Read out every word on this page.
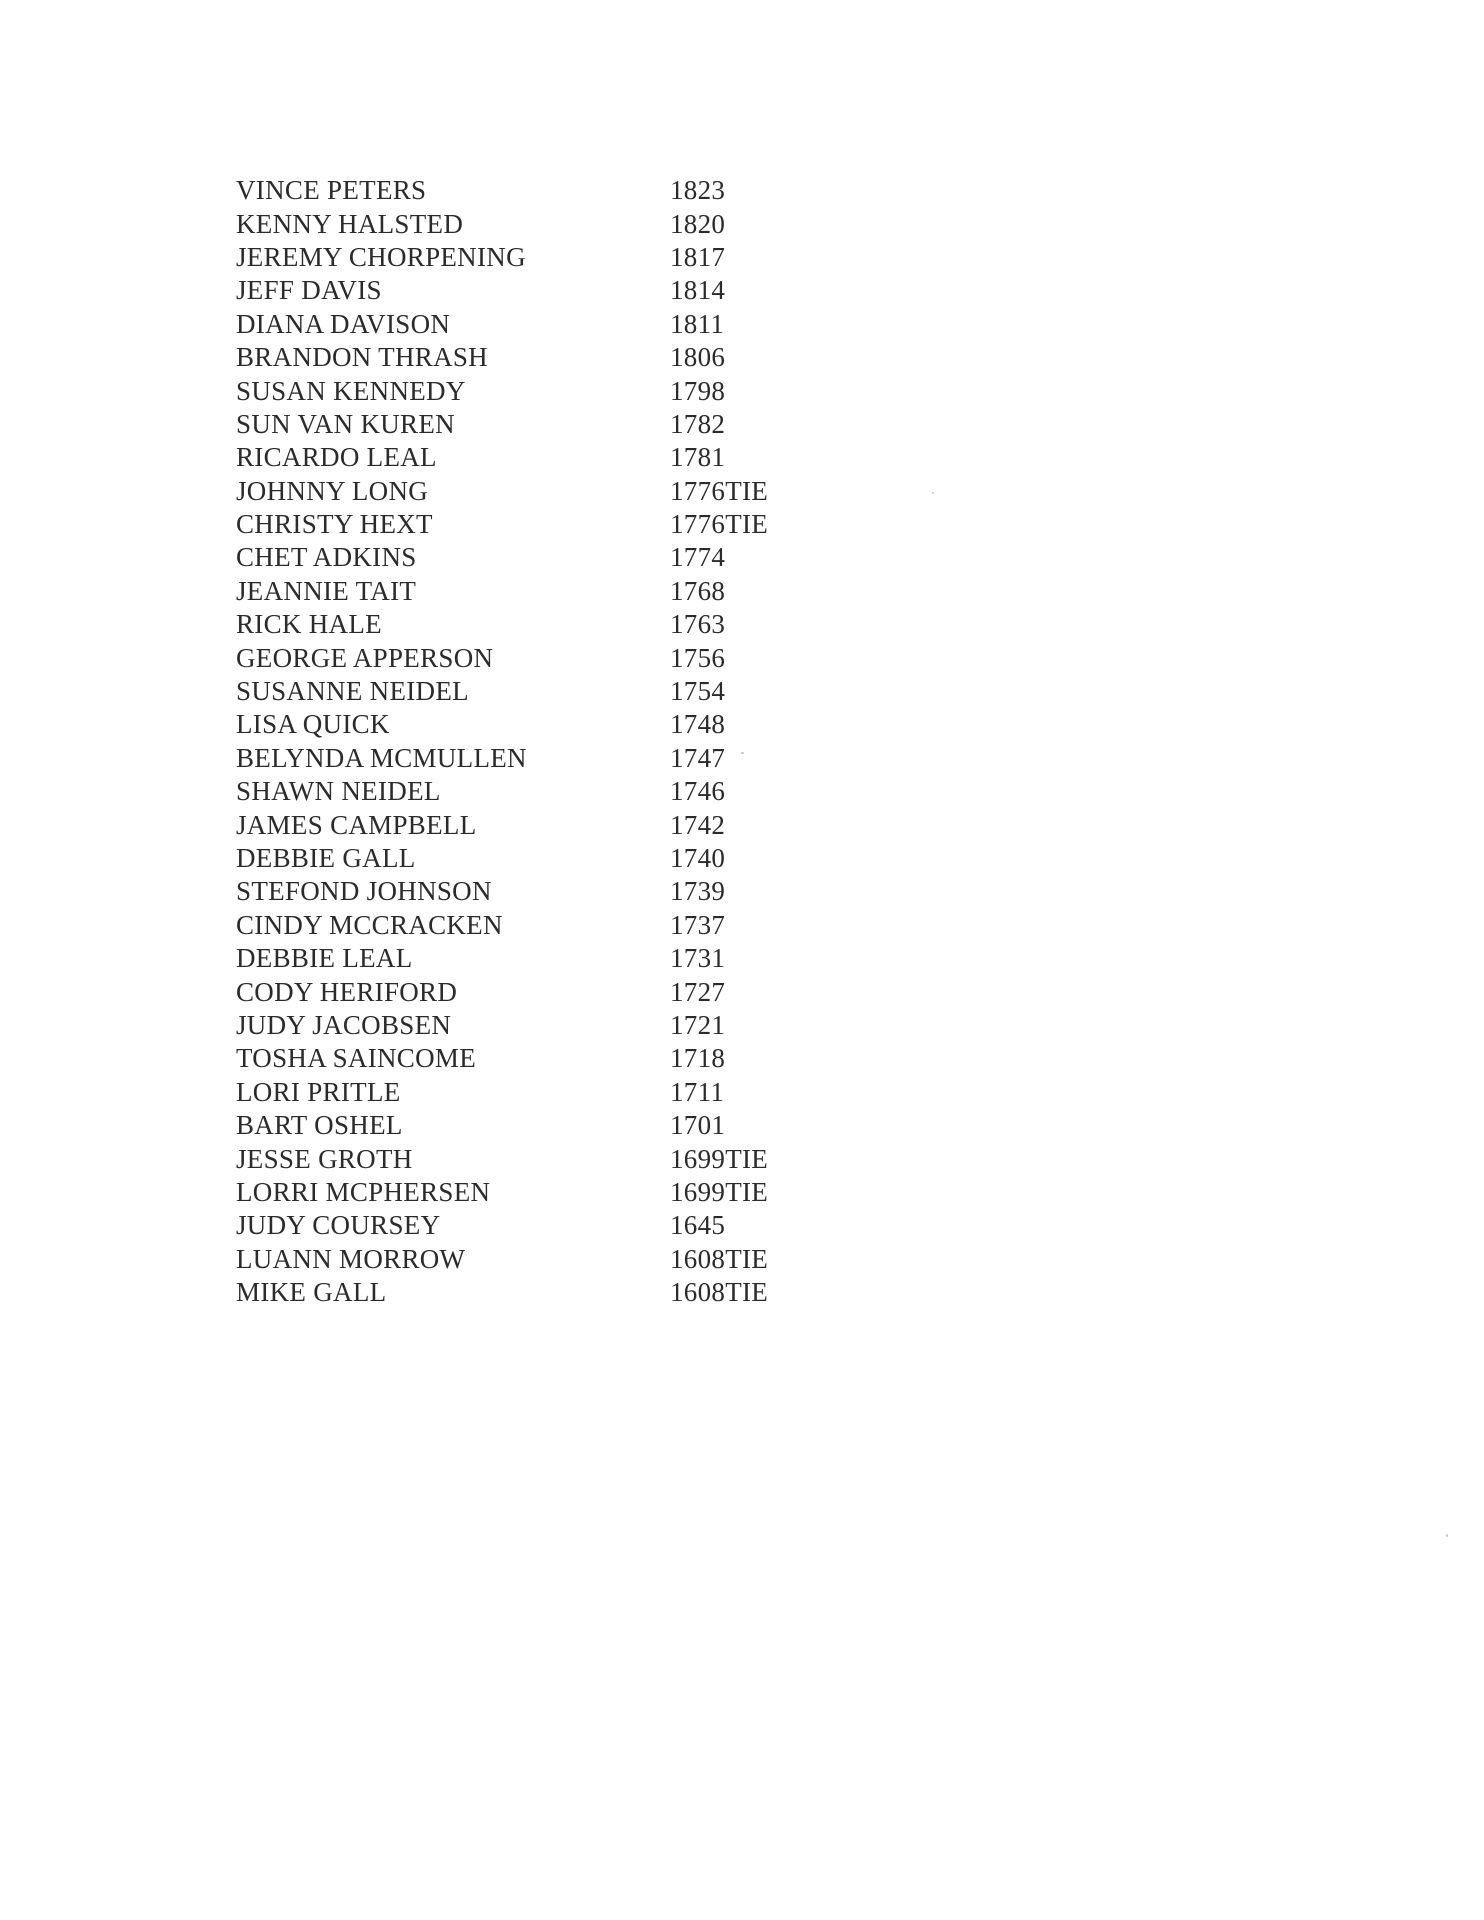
VINCE PETERS	1823
KENNY HALSTED	1820
JEREMY CHORPENING	1817
JEFF DAVIS	1814
DIANA DAVISON	1811
BRANDON THRASH	1806
SUSAN KENNEDY	1798
SUN VAN KUREN	1782
RICARDO LEAL	1781
JOHNNY LONG	1776TIE
CHRISTY HEXT	1776TIE
CHET ADKINS	1774
JEANNIE TAIT	1768
RICK HALE	1763
GEORGE APPERSON	1756
SUSANNE NEIDEL	1754
LISA QUICK	1748
BELYNDA MCMULLEN	1747
SHAWN NEIDEL	1746
JAMES CAMPBELL	1742
DEBBIE GALL	1740
STEFOND JOHNSON	1739
CINDY MCCRACKEN	1737
DEBBIE LEAL	1731
CODY HERIFORD	1727
JUDY JACOBSEN	1721
TOSHA SAINCOME	1718
LORI PRITLE	1711
BART OSHEL	1701
JESSE GROTH	1699TIE
LORRI MCPHERSEN	1699TIE
JUDY COURSEY	1645
LUANN MORROW	1608TIE
MIKE GALL	1608TIE
